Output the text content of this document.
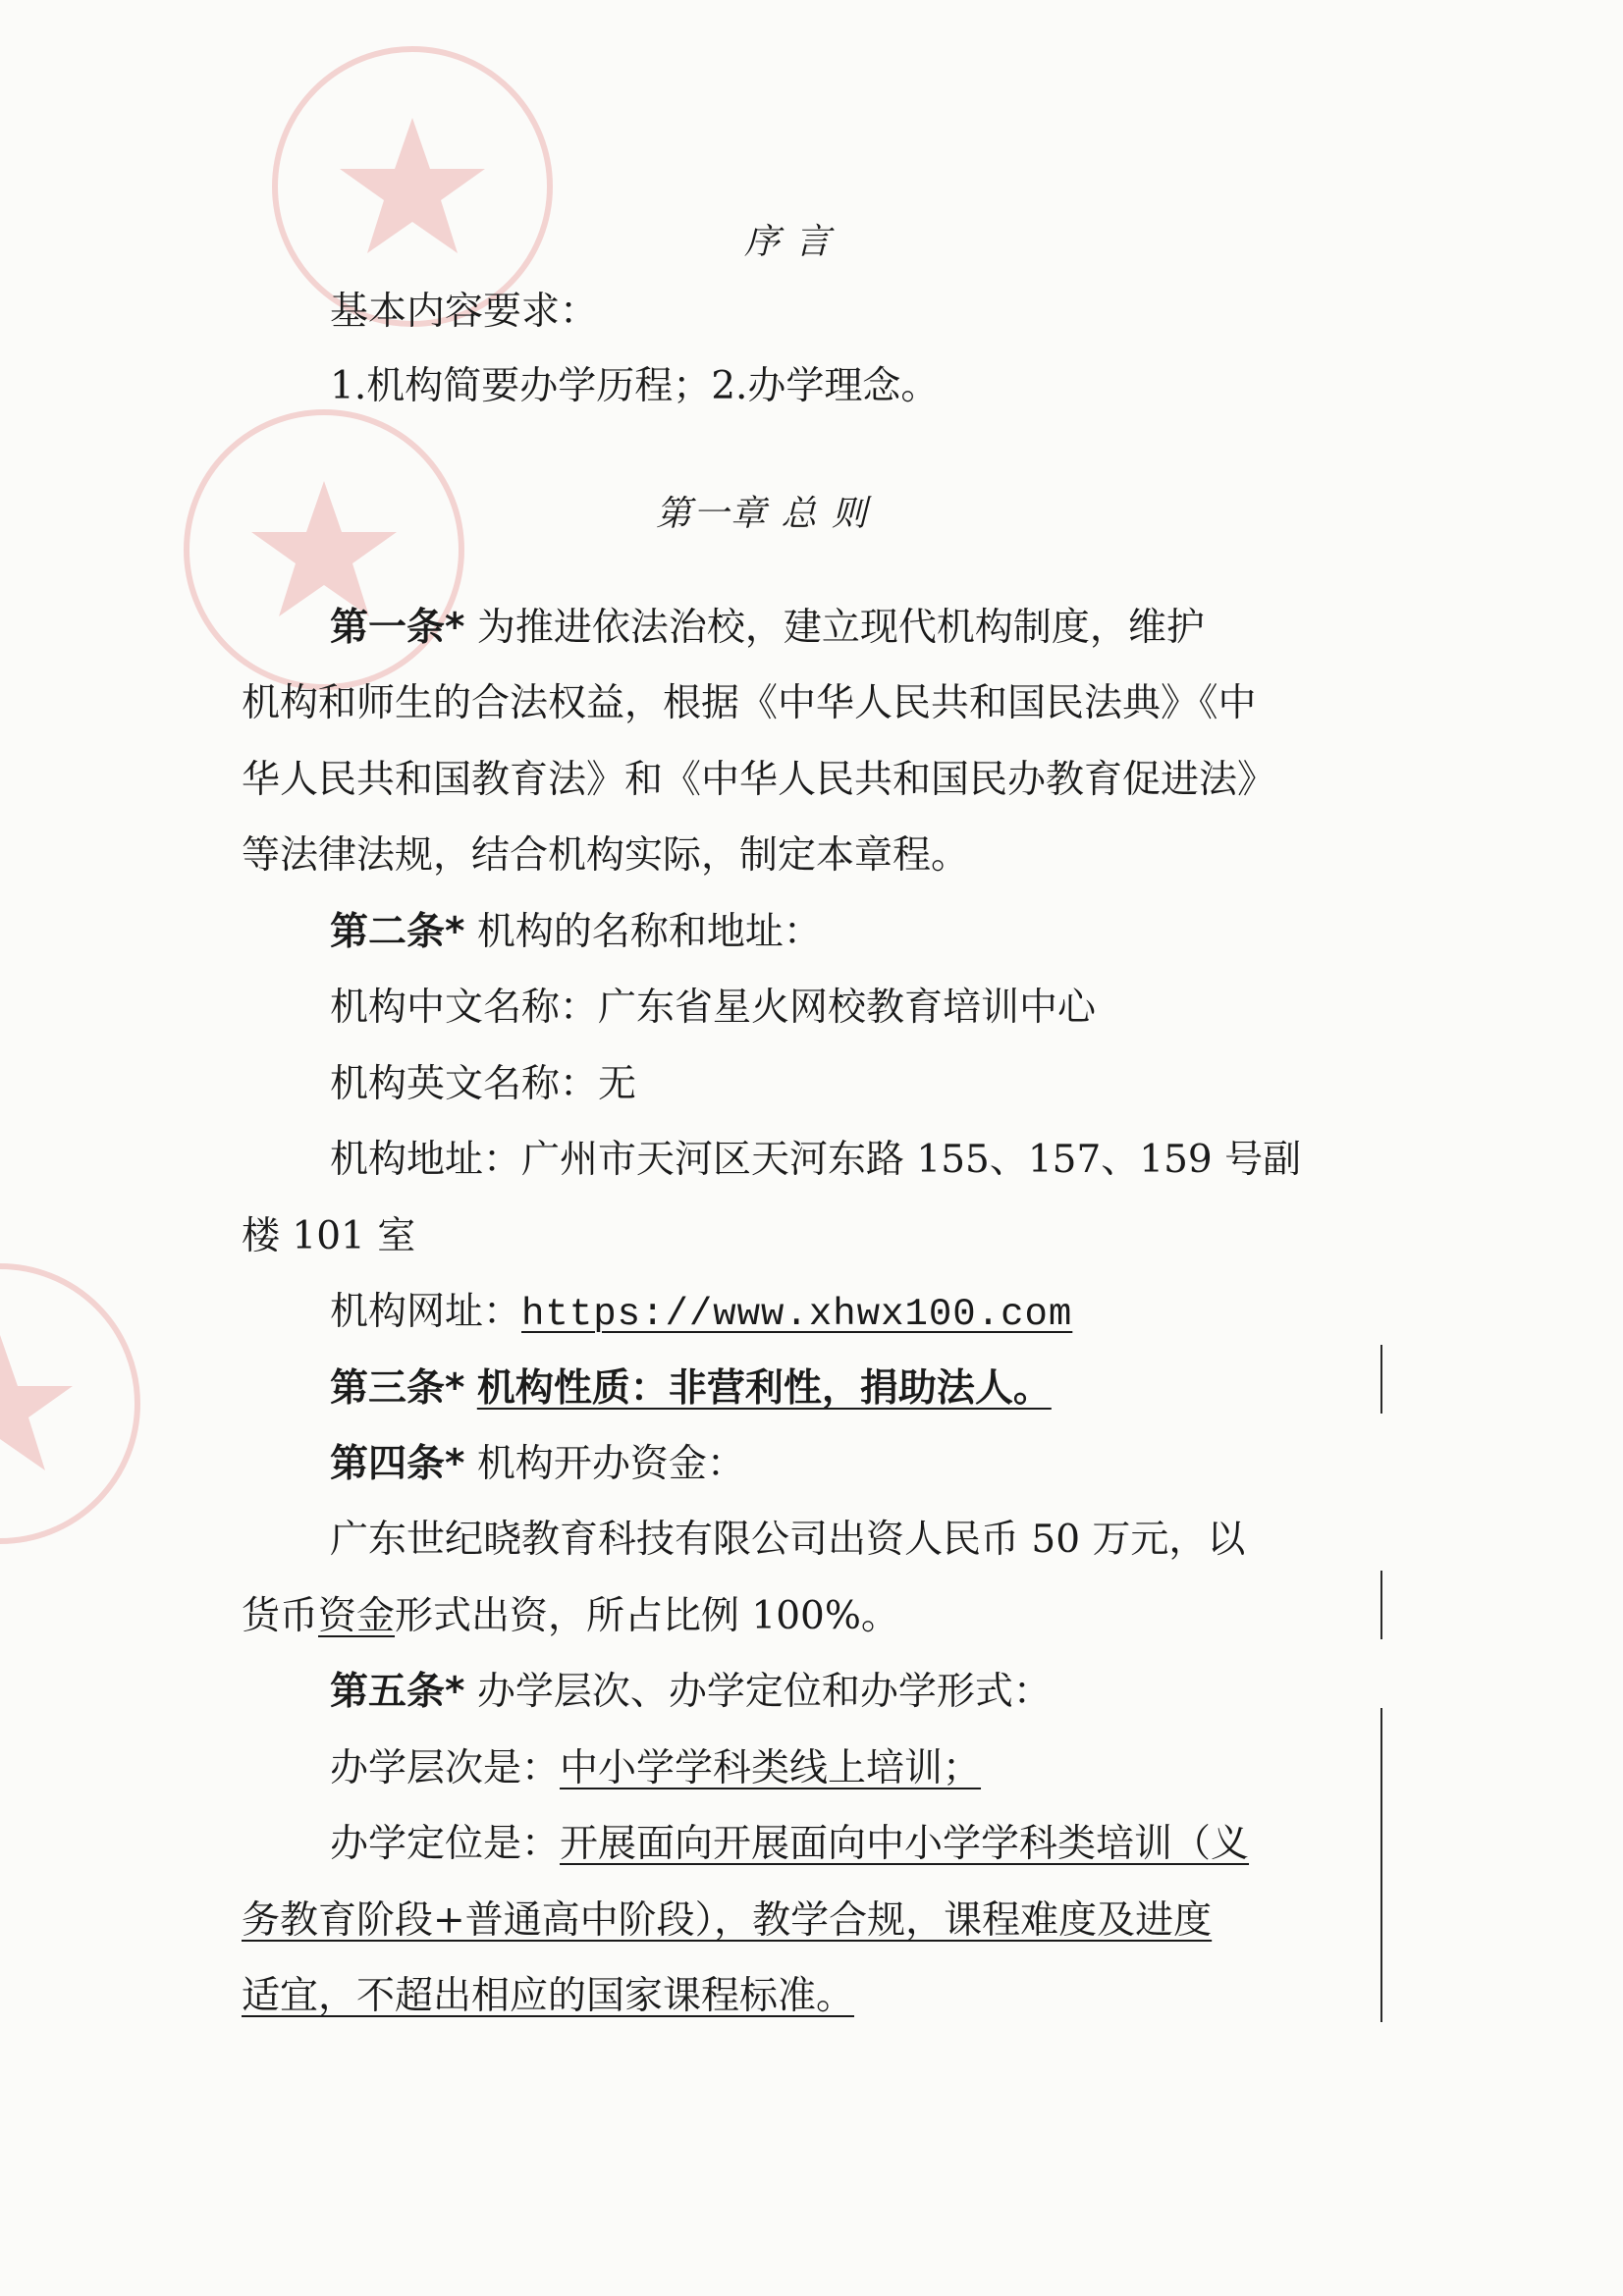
序 言
基本内容要求：
1.机构简要办学历程；2.办学理念。
第一章 总 则
第一条* 为推进依法治校，建立现代机构制度，维护
机构和师生的合法权益，根据《中华人民共和国民法典》《中
华人民共和国教育法》和《中华人民共和国民办教育促进法》
等法律法规，结合机构实际，制定本章程。
第二条* 机构的名称和地址：
机构中文名称：广东省星火网校教育培训中心
机构英文名称：无
机构地址：广州市天河区天河东路 155、157、159 号副
楼 101 室
机构网址：https://www.xhwx100.com
第三条* 机构性质：非营利性，捐助法人。
第四条* 机构开办资金：
广东世纪晓教育科技有限公司出资人民币 50 万元，以
货币资金形式出资，所占比例 100%。
第五条* 办学层次、办学定位和办学形式：
办学层次是：中小学学科类线上培训；
办学定位是：开展面向开展面向中小学学科类培训（义
务教育阶段+普通高中阶段），教学合规，课程难度及进度
适宜，不超出相应的国家课程标准。
